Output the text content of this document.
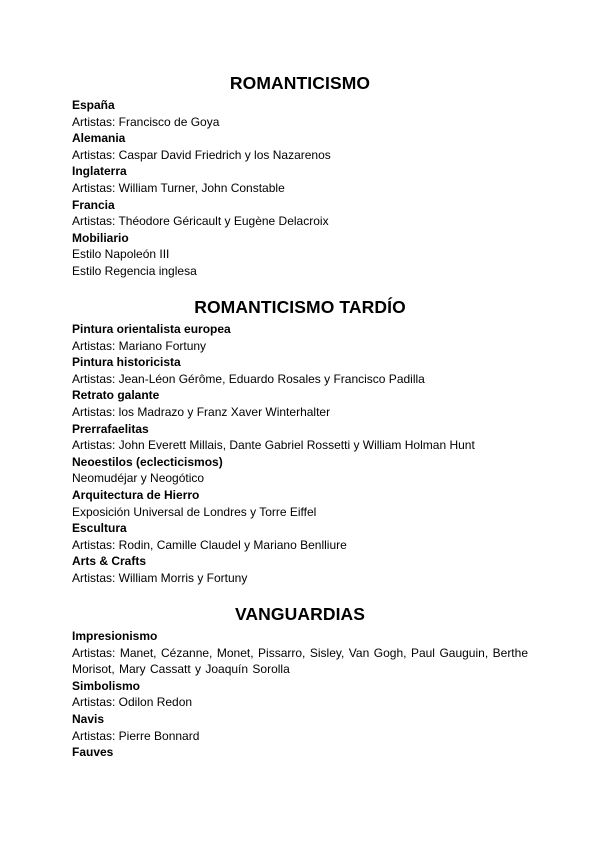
ROMANTICISMO
España
Artistas: Francisco de Goya
Alemania
Artistas: Caspar David Friedrich y los Nazarenos
Inglaterra
Artistas: William Turner, John Constable
Francia
Artistas: Théodore Géricault y Eugène Delacroix
Mobiliario
Estilo Napoleón III
Estilo Regencia inglesa
ROMANTICISMO TARDÍO
Pintura orientalista europea
Artistas: Mariano Fortuny
Pintura historicista
Artistas: Jean-Léon Gérôme, Eduardo Rosales y Francisco Padilla
Retrato galante
Artistas: los Madrazo y Franz Xaver Winterhalter
Prerrafaelitas
Artistas: John Everett Millais, Dante Gabriel Rossetti y William Holman Hunt
Neoestilos (eclecticismos)
Neomudéjar y Neogótico
Arquitectura de Hierro
Exposición Universal de Londres y Torre Eiffel
Escultura
Artistas: Rodin, Camille Claudel y Mariano Benlliure
Arts & Crafts
Artistas: William Morris y Fortuny
VANGUARDIAS
Impresionismo
Artistas: Manet, Cézanne, Monet, Pissarro, Sisley, Van Gogh, Paul Gauguin, Berthe Morisot, Mary Cassatt y Joaquín Sorolla
Simbolismo
Artistas: Odilon Redon
Navis
Artistas: Pierre Bonnard
Fauves
